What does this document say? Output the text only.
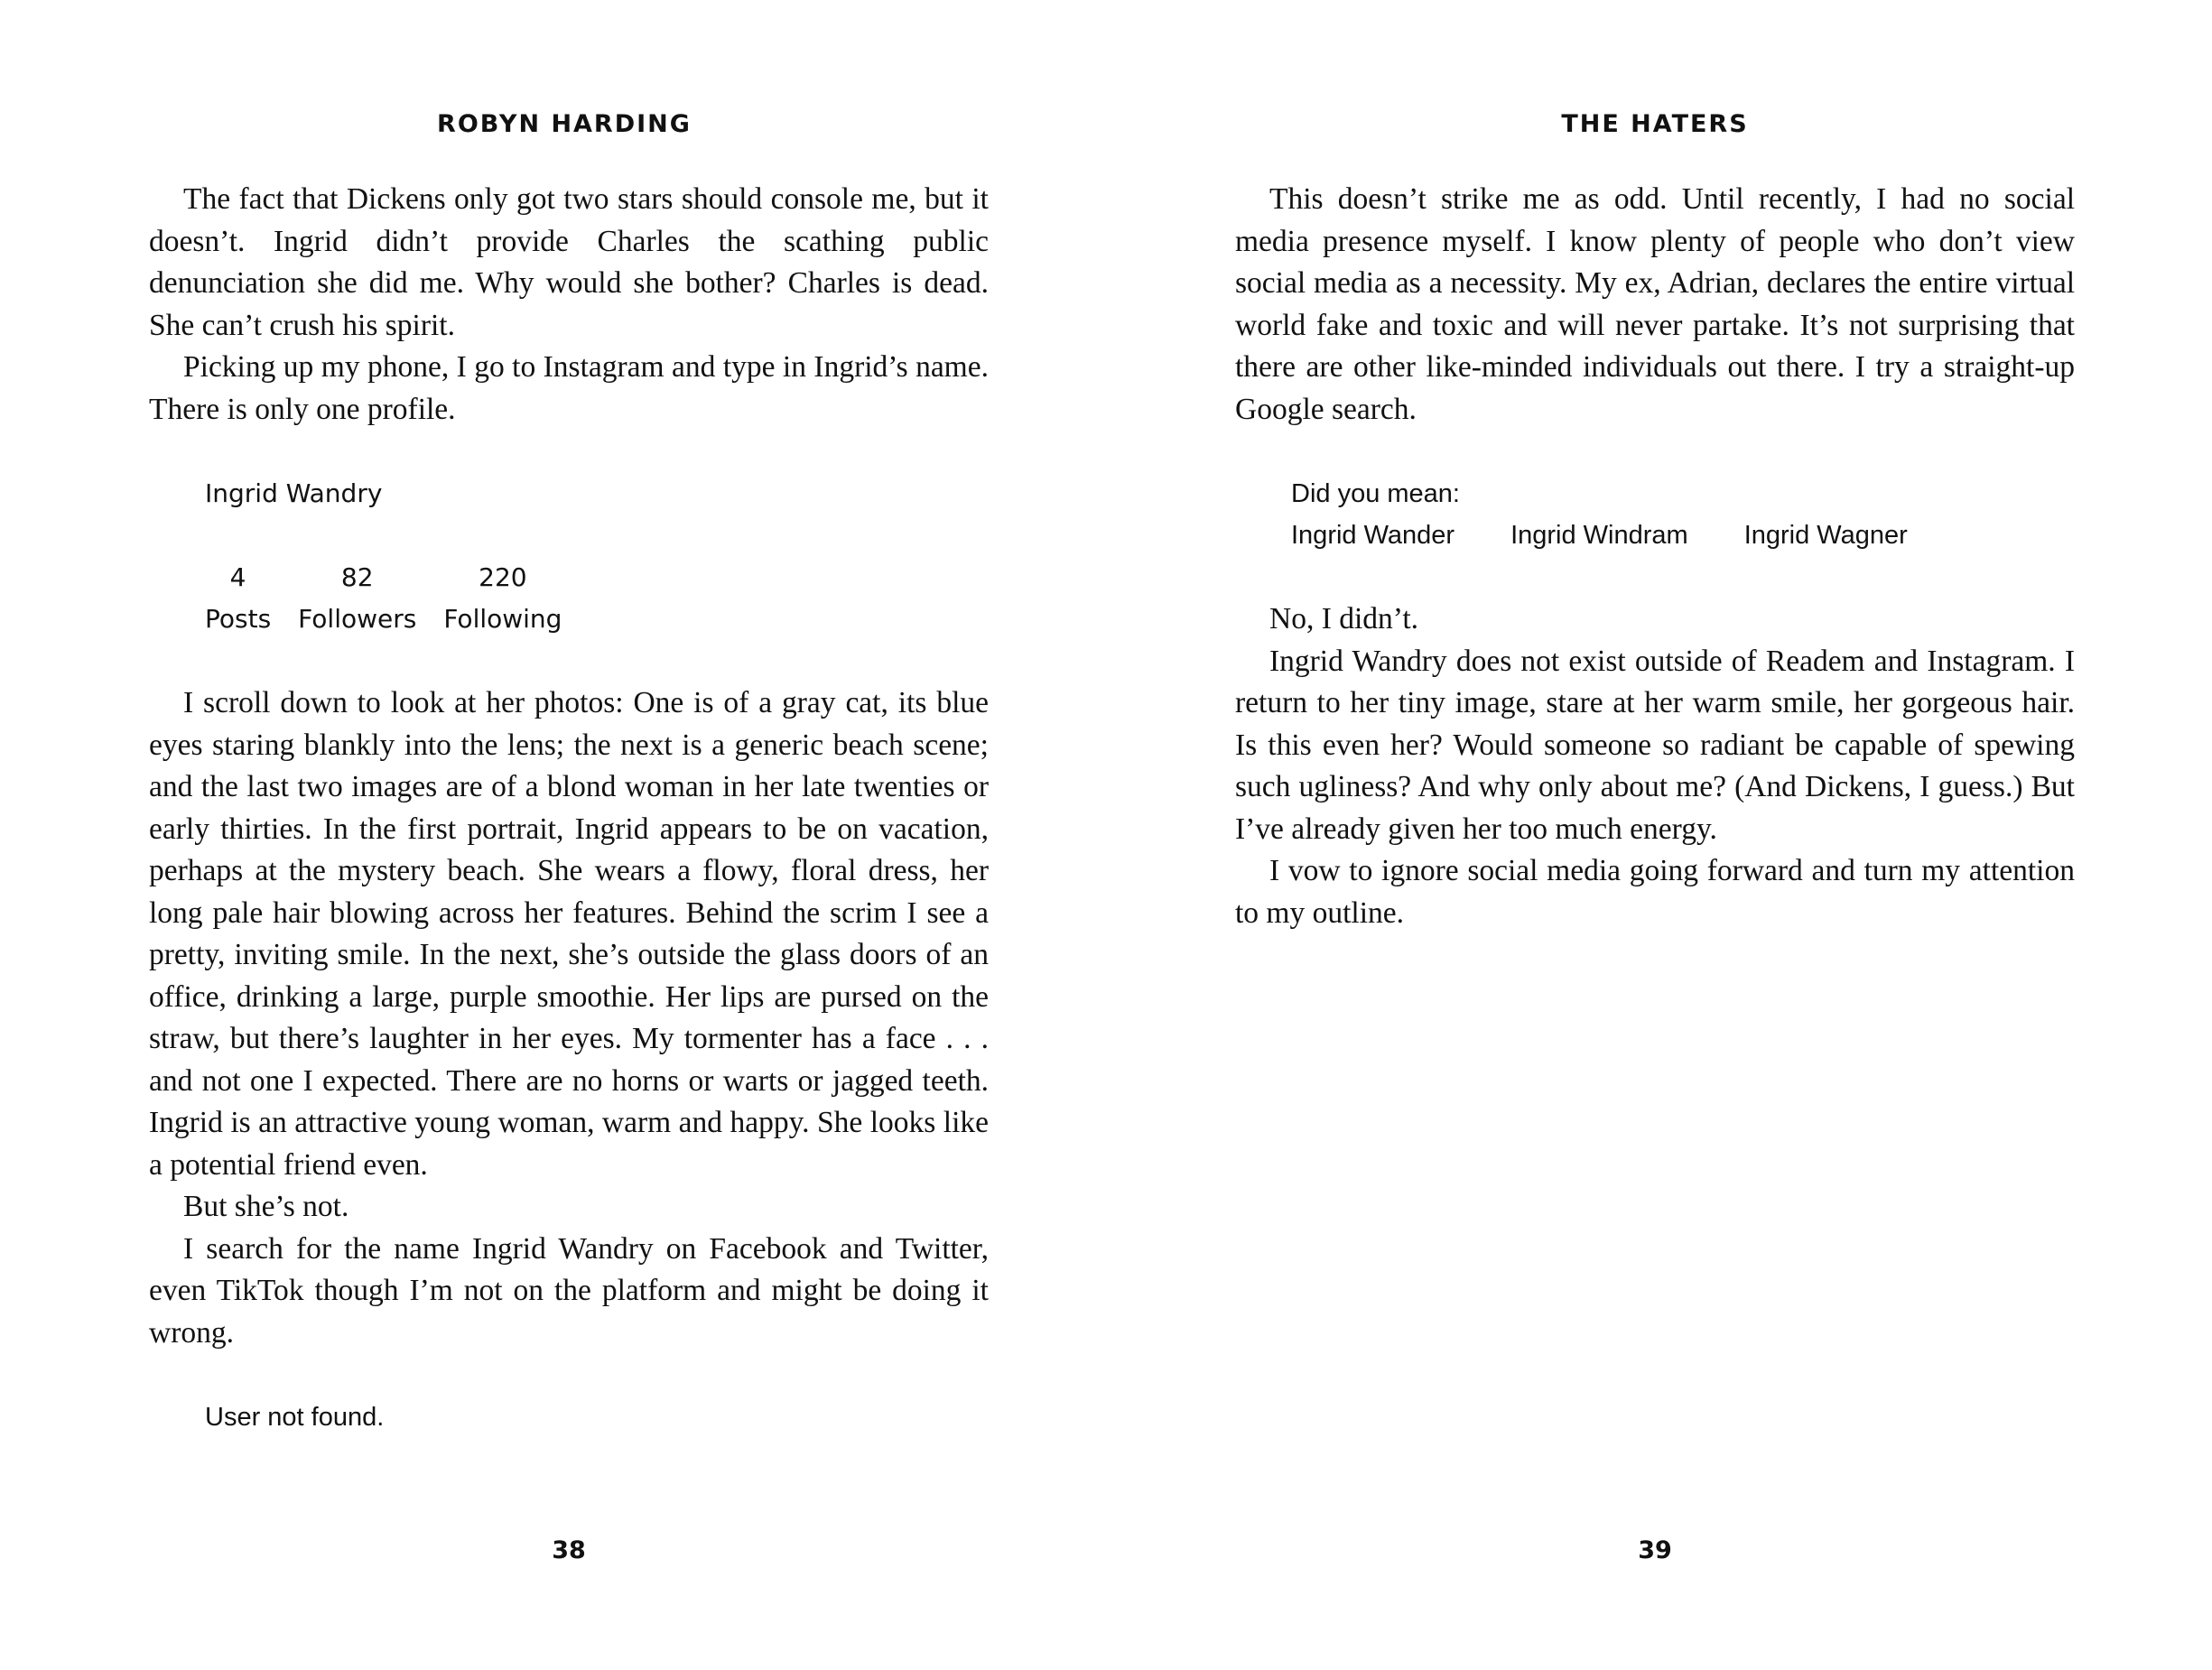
ROBYN HARDING

The fact that Dickens only got two stars should console me, but it doesn’t. Ingrid didn’t provide Charles the scathing public denunciation she did me. Why would she bother? Charles is dead. She can’t crush his spirit.

Picking up my phone, I go to Instagram and type in Ingrid’s name. There is only one profile.

Ingrid Wandry
4
Posts
82
Followers
220
Following

I scroll down to look at her photos: One is of a gray cat, its blue eyes staring blankly into the lens; the next is a generic beach scene; and the last two images are of a blond woman in her late twenties or early thirties. In the first portrait, Ingrid appears to be on vacation, perhaps at the mystery beach. She wears a flowy, floral dress, her long pale hair blowing across her features. Behind the scrim I see a pretty, inviting smile. In the next, she’s outside the glass doors of an office, drinking a large, purple smoothie. Her lips are pursed on the straw, but there’s laughter in her eyes. My tormenter has a face . . . and not one I expected. There are no horns or warts or jagged teeth. Ingrid is an attractive young woman, warm and happy. She looks like a potential friend even.

But she’s not.

I search for the name Ingrid Wandry on Facebook and Twitter, even TikTok though I’m not on the platform and might be doing it wrong.

User not found.
38
THE HATERS

This doesn’t strike me as odd. Until recently, I had no social media presence myself. I know plenty of people who don’t view social media as a necessity. My ex, Adrian, declares the entire virtual world fake and toxic and will never partake. It’s not surprising that there are other like-minded individuals out there. I try a straight-up Google search.

Did you mean:
Ingrid Wander Ingrid Windram Ingrid Wagner

No, I didn’t.

Ingrid Wandry does not exist outside of Readem and Instagram. I return to her tiny image, stare at her warm smile, her gorgeous hair. Is this even her? Would someone so radiant be capable of spewing such ugliness? And why only about me? (And Dickens, I guess.) But I’ve already given her too much energy.

I vow to ignore social media going forward and turn my attention to my outline.

39
